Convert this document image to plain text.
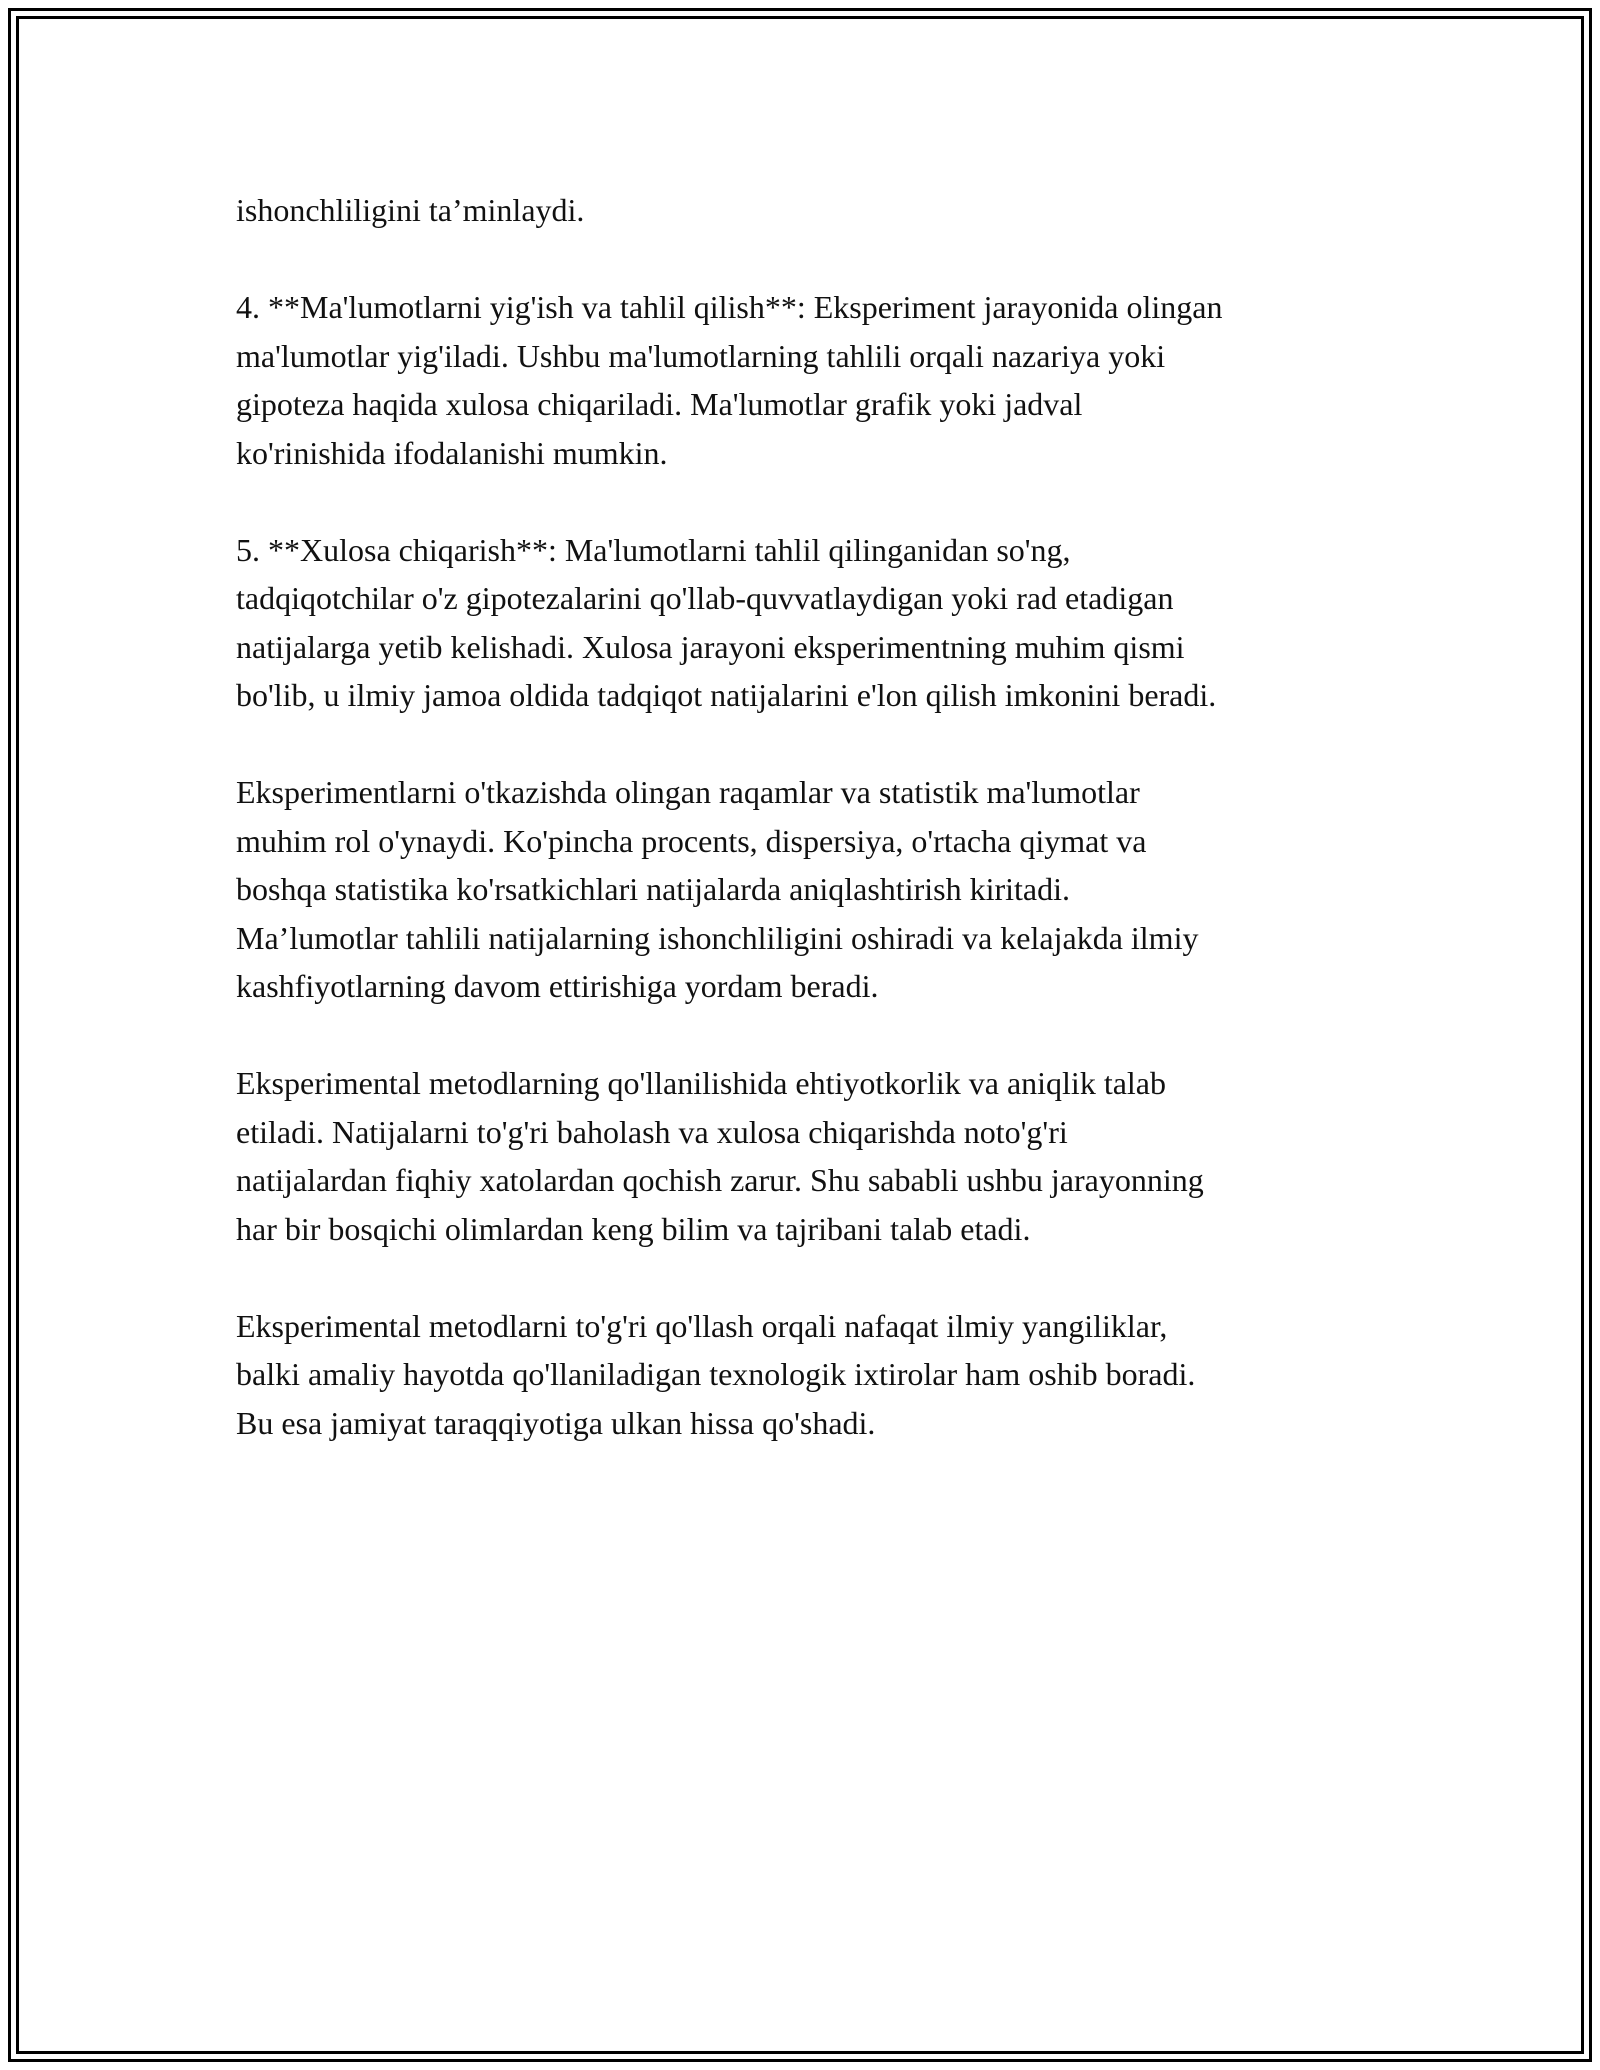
ishonchliligini ta’minlaydi.

4. **Ma'lumotlarni yig'ish va tahlil qilish**: Eksperiment jarayonida olingan
ma'lumotlar yig'iladi. Ushbu ma'lumotlarning tahlili orqali nazariya yoki
gipoteza haqida xulosa chiqariladi. Ma'lumotlar grafik yoki jadval
ko'rinishida ifodalanishi mumkin.

5. **Xulosa chiqarish**: Ma'lumotlarni tahlil qilinganidan so'ng,
tadqiqotchilar o'z gipotezalarini qo'llab-quvvatlaydigan yoki rad etadigan
natijalarga yetib kelishadi. Xulosa jarayoni eksperimentning muhim qismi
bo'lib, u ilmiy jamoa oldida tadqiqot natijalarini e'lon qilish imkonini beradi.

Eksperimentlarni o'tkazishda olingan raqamlar va statistik ma'lumotlar
muhim rol o'ynaydi. Ko'pincha procents, dispersiya, o'rtacha qiymat va
boshqa statistika ko'rsatkichlari natijalarda aniqlashtirish kiritadi.
Ma’lumotlar tahlili natijalarning ishonchliligini oshiradi va kelajakda ilmiy
kashfiyotlarning davom ettirishiga yordam beradi.

Eksperimental metodlarning qo'llanilishida ehtiyotkorlik va aniqlik talab
etiladi. Natijalarni to'g'ri baholash va xulosa chiqarishda noto'g'ri
natijalardan fiqhiy xatolardan qochish zarur. Shu sababli ushbu jarayonning
har bir bosqichi olimlardan keng bilim va tajribani talab etadi.

Eksperimental metodlarni to'g'ri qo'llash orqali nafaqat ilmiy yangiliklar,
balki amaliy hayotda qo'llaniladigan texnologik ixtirolar ham oshib boradi.
Bu esa jamiyat taraqqiyotiga ulkan hissa qo'shadi.
